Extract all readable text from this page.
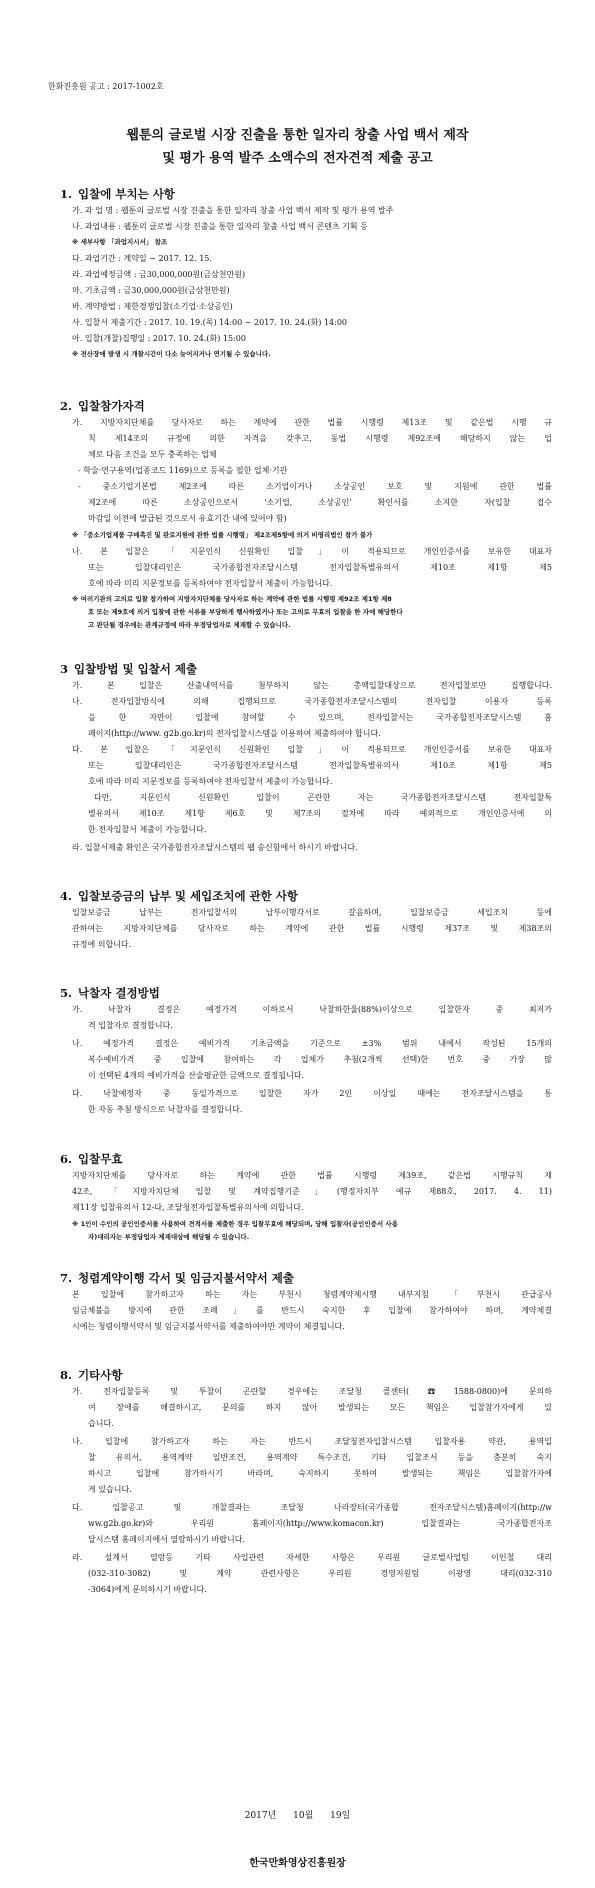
한화진흥원 공고 : 2017-1002호
웹툰의 글로벌 시장 진출을 통한 일자리 창출 사업 백서 제작
및 평가 용역 발주 소액수의 전자견적 제출 공고
1. 입찰에 부치는 사항
가. 과 업 명 : 웹툰의 글로벌 시장 진출을 통한 일자리 창출 사업 백서 제작 및 평가 용역 발주
나. 과업내용 : 웹툰의 글로벌 시장 진출을 통한 일자리 창출 사업 백서 콘텐츠 기획 등
※ 세부사항 「과업지시서」 참조
다. 과업기간 : 계약일 ~ 2017. 12. 15.
라. 과업예정금액 : 금30,000,000원(금삼천만원)
마. 기초금액 : 금30,000,000원(금삼천만원)
바. 계약방법 : 제한경쟁입찰(소기업·소상공인)
사. 입찰서 제출기간 : 2017. 10. 19.(목) 14:00 ~ 2017. 10. 24.(화) 14:00
아. 입찰(개찰)집행일 : 2017. 10. 24.(화) 15:00
※ 전산장애 발생 시 개찰시간이 다소 늦어지거나 연기될 수 있습니다.
2. 입찰참가자격
가. 지방자치단체를 당사자로 하는 계약에 관한 법률 시행령 제13조 및 같은법 시행 규
칙 제14조의 규정에 의한 자격을 갖추고, 동법 시행령 제92조에 해당하지 않는 업
체로 다음 조건을 모두 충족하는 업체
- 학술·연구용역(업종코드 1169)으로 등록을 필한 업체·기관
- 중소기업기본법 제2조에 따른 소기업이거나 소상공인 보호 및 지원에 관한 법률
제2조에 따른 소상공인으로서 '소기업, 소상공인' 확인서를 소지한 자(입찰 접수
마감일 이전에 발급된 것으로서 유효기간 내에 있어야 함)
※ 「중소기업제품 구매촉진 및 판로지원에 관한 법률 시행령」 제2조제5항에 의거 비영리법인 참가 불가
나. 본 입찰은 「지문인식 신원확인 입찰」이 적용되므로 개인인증서를 보유한 대표자
또는 입찰대리인은 국가종합전자조달시스템 전자입찰특별유의서 제10조 제1항 제5
호에 따라 미리 지문정보를 등록하여야 전자입찰서 제출이 가능합니다.
※ 여러기관의 고의로 입찰 참가하여 지방자치단체를 당사자로 하는 계약에 관한 법률 시행령 제92조 제1항 제8
호 또는 제9호에 의거 입찰에 관한 서류를 부당하게 행사하였거나 또는 고의로 무효의 입찰을 한 자에 해당한다
고 판단될 경우에는 관계규정에 따라 부정당업자로 제재할 수 있습니다.
3 입찰방법 및 입찰서 제출
가. 본 입찰은 산출내역서를 첨부하지 않는 총액입찰대상으로 전자입찰로만 집행합니다.
나. 전자입찰방식에 의해 집행되므로 국가종합전자조달시스템의 전자입찰 이용자 등록
을 한 자만이 입찰에 참여할 수 있으며, 전자입찰서는 국가종합전자조달시스템 홈
페이지(http://www. g2b.go.kr)의 전자입찰시스템을 이용하여 제출하여야 합니다.
다. 본 입찰은 「지문인식 신원확인 입찰」이 적용되므로 개인인증서를 보유한 대표자
또는 입찰대리인은 국가종합전자조달시스템 전자입찰특별유의서 제10조 제1항 제5
호에 따라 미리 지문정보를 등록하여야 전자입찰서 제출이 가능합니다.
다만, 지문인식 신원확인 입찰이 곤란한 자는 국가종합전자조달시스템 전자입찰특
별유의서 제10조 제1항 제6호 및 제7조의 절차에 따라 예외적으로 개인인증서에 의
한 전자입찰서 제출이 가능합니다.
라. 입찰서제출 확인은 국가종합전자조달시스템의 웹 송신함에서 하시기 바랍니다.
4. 입찰보증금의 납부 및 세입조치에 관한 사항
입찰보증금 납부는 전자입찰서의 납부이행각서로 갈음하며, 입찰보증금 세입조치 등에
관하여는 지방자치단체를 당사자로 하는 계약에 관한 법률 시행령 제37조 및 제38조의
규정에 의합니다.
5. 낙찰자 결정방법
가. 낙찰자 결정은 예정가격 이하로서 낙찰하한율(88%)이상으로 입찰한자 중 최저가
격 입찰자로 결정합니다.
나. 예정가격 결정은 예비가격 기초금액을 기준으로 ±3% 범위 내에서 작성된 15개의
복수예비가격 중 입찰에 참여하는 각 업체가 추첨(2개씩 선택)한 번호 중 가장 많
이 선택된 4개의 예비가격을 산술평균한 금액으로 결정됩니다.
다. 낙찰예정자 중 동일가격으로 입찰한 자가 2인 이상일 때에는 전자조달시스템을 통
한 자동 추첨 방식으로 낙찰자를 결정합니다.
6. 입찰무효
지방자치단체를 당사자로 하는 계약에 관한 법률 시행령 제39조, 같은법 시행규칙 제
42조, 「지방자치단체 입찰 및 계약집행기준」(행정자치부 예규 제88호, 2017. 4. 11)
제11장 입찰유의서 12-다, 조달청전자입찰특별유의서에 의합니다.
※ 1인이 수인의 공인인증서를 사용하여 견적서를 제출한 경우 입찰무효에 해당되며, 당해 입찰자(공인인증서 사용
자)대리자는 부정당업자 제재대상에 해당될 수 있습니다.
7. 청렴계약이행 각서 및 임금지불서약서 제출
본 입찰에 참가하고자 하는 자는 부천시 청렴계약제시행 내부지침 「부천시 관급공사
임금체불을 방지에 관한 조례」를 반드시 숙지한 후 입찰에 참가하여야 하며, 계약체결
시에는 청렴이행서약서 및 임금지불서약서를 제출하여야만 계약이 체결됩니다.
8. 기타사항
가. 전자입찰등록 및 투찰이 곤란할 경우에는 조달청 콜센터(☎1588-0800)에 문의하
여 장애를 해결하시고, 문의를 하지 않아 발생되는 모든 책임은 입찰참가자에게 있
습니다.
나. 입찰에 참가하고자 하는 자는 반드시 조달청전자입찰시스템 입찰자용 약관, 용역입
찰 유의서, 용역계약 일반조건, 용역계약 특수조건, 기타 입찰조서 등을 충분히 숙지
하시고 입찰에 참가하시기 바라며, 숙지하지 못하여 발생되는 책임은 입찰참가자에
게 있습니다.
다. 입찰공고 및 개찰결과는 조달청 나라장터(국가종합 전자조달시스템)홈페이지(http://w
ww.g2b.go.kr)와 우리원 홈페이지(http://www.komacon.kr) 입찰결과는 국가종합전자조
달시스템 홈페이지에서 열람하시기 바랍니다.
라. 설계서 열람등 기타 사업관련 자세한 사항은 우리원 글로벌사업팀 이인철 대리
(032-310-3082) 및 계약 관련사항은 우리원 경영지원팀 이광영 대리(032-310
-3064)에게 문의하시기 바랍니다.
2017년 10월 19일
한국만화영상진흥원장
